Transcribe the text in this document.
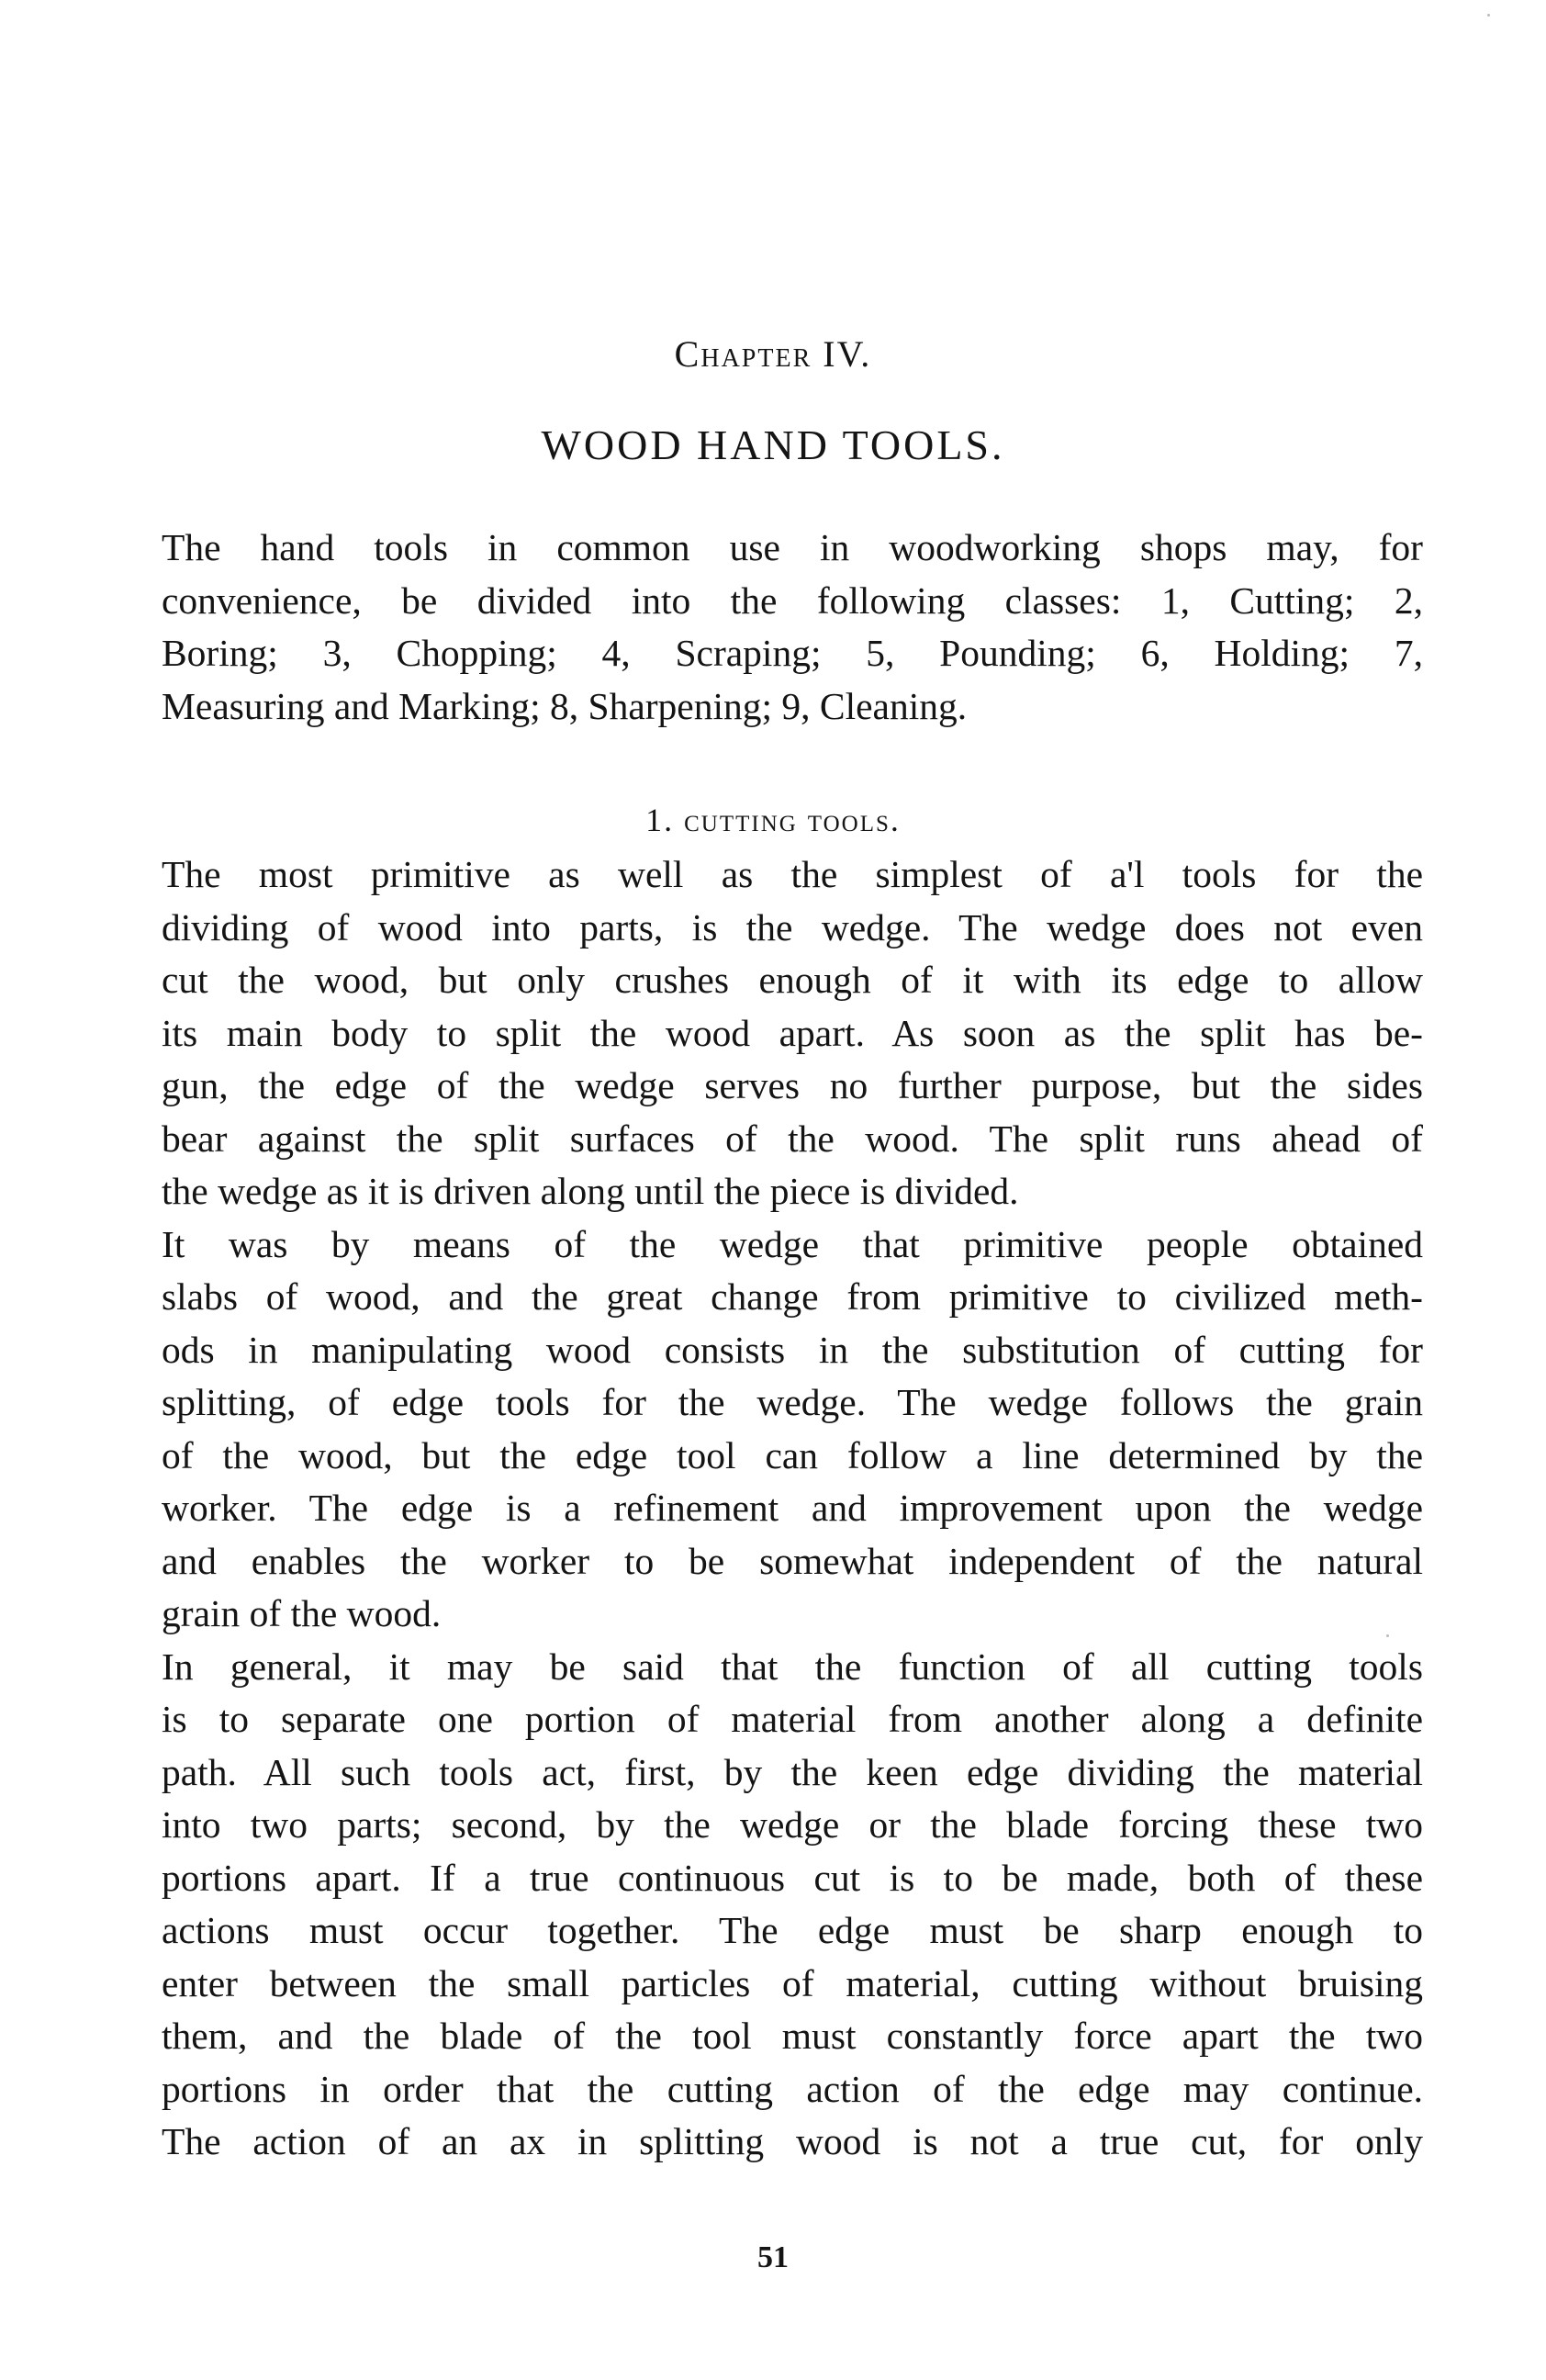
Chapter IV.
WOOD HAND TOOLS.
The hand tools in common use in woodworking shops may, for
convenience, be divided into the following classes: 1, Cutting; 2,
Boring; 3, Chopping; 4, Scraping; 5, Pounding; 6, Holding; 7,
Measuring and Marking; 8, Sharpening; 9, Cleaning.
1. cutting tools.
The most primitive as well as the simplest of a'l tools for the
dividing of wood into parts, is the wedge. The wedge does not even
cut the wood, but only crushes enough of it with its edge to allow
its main body to split the wood apart. As soon as the split has be-
gun, the edge of the wedge serves no further purpose, but the sides
bear against the split surfaces of the wood. The split runs ahead of
the wedge as it is driven along until the piece is divided.
It was by means of the wedge that primitive people obtained
slabs of wood, and the great change from primitive to civilized meth-
ods in manipulating wood consists in the substitution of cutting for
splitting, of edge tools for the wedge. The wedge follows the grain
of the wood, but the edge tool can follow a line determined by the
worker. The edge is a refinement and improvement upon the wedge
and enables the worker to be somewhat independent of the natural
grain of the wood.
In general, it may be said that the function of all cutting tools
is to separate one portion of material from another along a definite
path. All such tools act, first, by the keen edge dividing the material
into two parts; second, by the wedge or the blade forcing these two
portions apart. If a true continuous cut is to be made, both of these
actions must occur together. The edge must be sharp enough to
enter between the small particles of material, cutting without bruising
them, and the blade of the tool must constantly force apart the two
portions in order that the cutting action of the edge may continue.
The action of an ax in splitting wood is not a true cut, for only
51
